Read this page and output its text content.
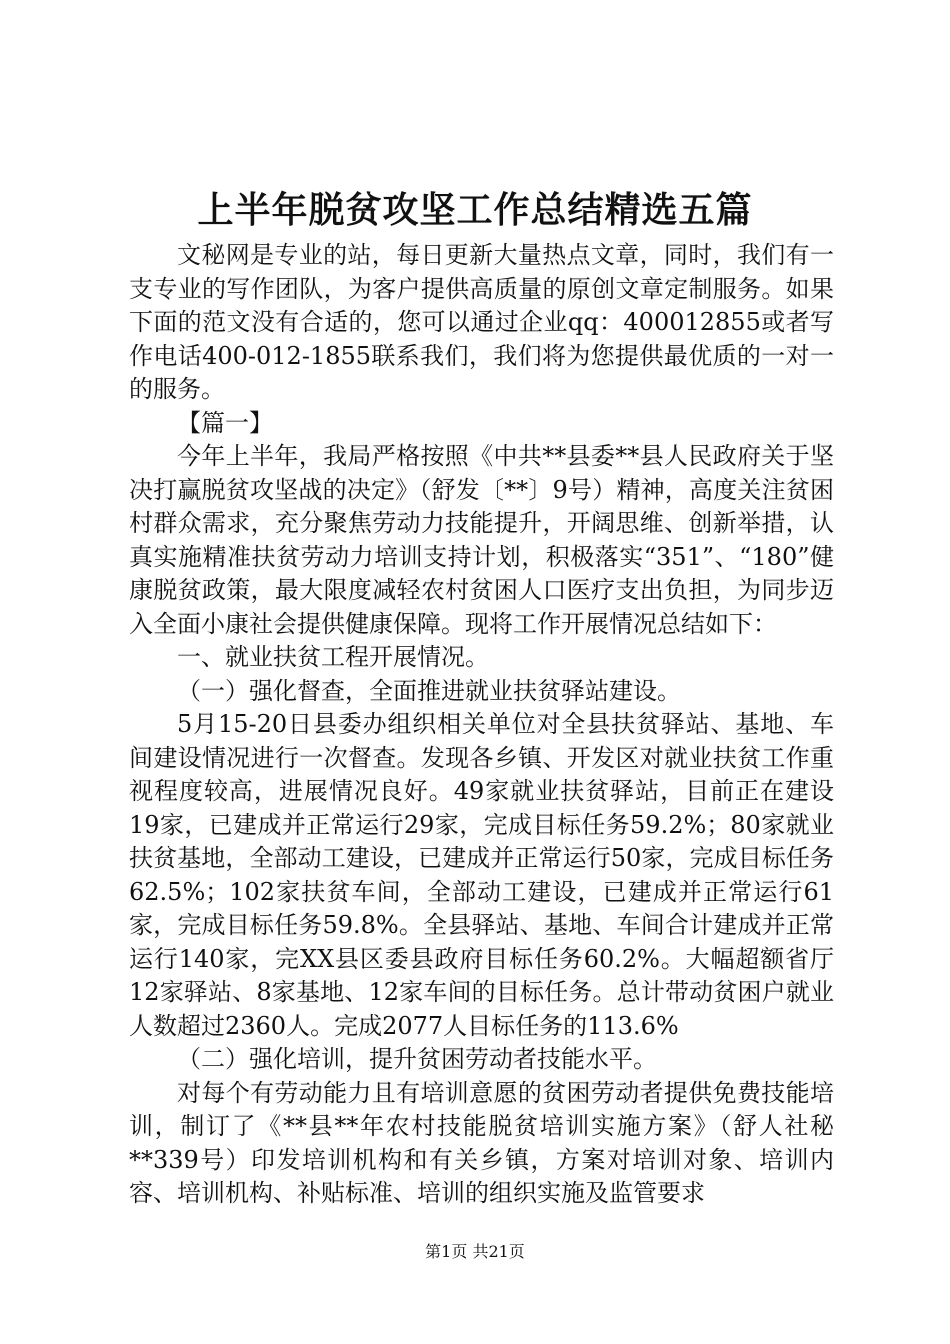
上半年脱贫攻坚工作总结精选五篇

文秘网是专业的站，每日更新大量热点文章，同时，我们有一支专业的写作团队，为客户提供高质量的原创文章定制服务。如果下面的范文没有合适的，您可以通过企业qq：400012855或者写作电话400-012-1855联系我们，我们将为您提供最优质的一对一的服务。

【篇一】

今年上半年，我局严格按照《中共**县委**县人民政府关于坚决打赢脱贫攻坚战的决定》（舒发〔**〕9号）精神，高度关注贫困村群众需求，充分聚焦劳动力技能提升，开阔思维、创新举措，认真实施精准扶贫劳动力培训支持计划，积极落实“351”、“180”健康脱贫政策，最大限度减轻农村贫困人口医疗支出负担，为同步迈入全面小康社会提供健康保障。现将工作开展情况总结如下：

一、就业扶贫工程开展情况。

（一）强化督查，全面推进就业扶贫驿站建设。

5月15-20日县委办组织相关单位对全县扶贫驿站、基地、车间建设情况进行一次督查。发现各乡镇、开发区对就业扶贫工作重视程度较高，进展情况良好。49家就业扶贫驿站，目前正在建设19家，已建成并正常运行29家，完成目标任务59.2%；80家就业扶贫基地，全部动工建设，已建成并正常运行50家，完成目标任务62.5%；102家扶贫车间，全部动工建设，已建成并正常运行61家，完成目标任务59.8%。全县驿站、基地、车间合计建成并正常运行140家，完XX县区委县政府目标任务60.2%。大幅超额省厅12家驿站、8家基地、12家车间的目标任务。总计带动贫困户就业人数超过2360人。完成2077人目标任务的113.6%

（二）强化培训，提升贫困劳动者技能水平。

对每个有劳动能力且有培训意愿的贫困劳动者提供免费技能培训，制订了《**县**年农村技能脱贫培训实施方案》（舒人社秘**339号）印发培训机构和有关乡镇，方案对培训对象、培训内容、培训机构、补贴标准、培训的组织实施及监管要求

第1页 共21页
